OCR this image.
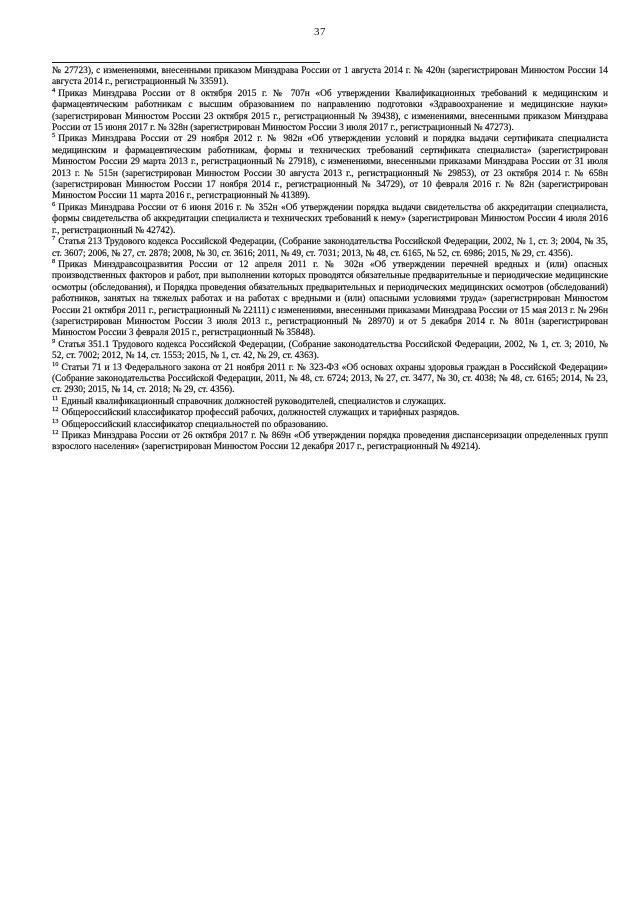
37

№ 27723), с изменениями, внесенными приказом Минздрава России от 1 августа 2014 г. № 420н (зарегистрирован Минюстом России 14 августа 2014 г., регистрационный № 33591).

$^4$ Приказ Минздрава России от 8 октября 2015 г. № 707н «Об утверждении Квалификационных требований к медицинским и фармацевтическим работникам с высшим образованием по направлению подготовки «Здравоохранение и медицинские науки» (зарегистрирован Минюстом России 23 октября 2015 г., регистрационный № 39438), с изменениями, внесенными приказом Минздрава России от 15 июня 2017 г. № 328н (зарегистрирован Минюстом России 3 июля 2017 г., регистрационный № 47273).

$^5$ Приказ Минздрава России от 29 ноября 2012 г. № 982н «Об утверждении условий и порядка выдачи сертификата специалиста медицинским и фармацевтическим работникам, формы и технических требований сертификата специалиста» (зарегистрирован Минюстом России 29 марта 2013 г., регистрационный № 27918), с изменениями, внесенными приказами Минздрава России от 31 июля 2013 г. № 515н (зарегистрирован Минюстом России 30 августа 2013 г., регистрационный № 29853), от 23 октября 2014 г. № 658н (зарегистрирован Минюстом России 17 ноября 2014 г., регистрационный № 34729), от 10 февраля 2016 г. № 82н (зарегистрирован Минюстом России 11 марта 2016 г., регистрационный № 41389).

$^6$ Приказ Минздрава России от 6 июня 2016 г. № 352н «Об утверждении порядка выдачи свидетельства об аккредитации специалиста, формы свидетельства об аккредитации специалиста и технических требований к нему» (зарегистрирован Минюстом России 4 июля 2016 г., регистрационный № 42742).

$^7$ Статья 213 Трудового кодекса Российской Федерации, (Собрание законодательства Российской Федерации, 2002, № 1, ст. 3; 2004, № 35, ст. 3607; 2006, № 27, ст. 2878; 2008, № 30, ст. 3616; 2011, № 49, ст. 7031; 2013, № 48, ст. 6165, № 52, ст. 6986; 2015, № 29, ст. 4356).

$^8$ Приказ Минздравсоцразвития России от 12 апреля 2011 г. № 302н «Об утверждении перечней вредных и (или) опасных производственных факторов и работ, при выполнении которых проводятся обязательные предварительные и периодические медицинские осмотры (обследования), и Порядка проведения обязательных предварительных и периодических медицинских осмотров (обследований) работников, занятых на тяжелых работах и на работах с вредными и (или) опасными условиями труда» (зарегистрирован Минюстом России 21 октября 2011 г., регистрационный № 22111) с изменениями, внесенными приказами Минздрава России от 15 мая 2013 г. № 296н (зарегистрирован Минюстом России 3 июля 2013 г., регистрационный № 28970) и от 5 декабря 2014 г. № 801н (зарегистрирован Минюстом России 3 февраля 2015 г., регистрационный № 35848).

$^9$ Статья 351.1 Трудового кодекса Российской Федерации, (Собрание законодательства Российской Федерации, 2002, № 1, ст. 3; 2010, № 52, ст. 7002; 2012, № 14, ст. 1553; 2015, № 1, ст. 42, № 29, ст. 4363).

$^{10}$ Статьи 71 и 13 Федерального закона от 21 ноября 2011 г. № 323-ФЗ «Об основах охраны здоровья граждан в Российской Федерации» (Собрание законодательства Российской Федерации, 2011, № 48, ст. 6724; 2013, № 27, ст. 3477, № 30, ст. 4038; № 48, ст. 6165; 2014, № 23, ст. 2930; 2015, № 14, ст. 2018; № 29, ст. 4356).

$^{11}$ Единый квалификационный справочник должностей руководителей, специалистов и служащих.

$^{12}$ Общероссийский классификатор профессий рабочих, должностей служащих и тарифных разрядов.

$^{13}$ Общероссийский классификатор специальностей по образованию.

$^{12}$ Приказ Минздрава России от 26 октября 2017 г. № 869н «Об утверждении порядка проведения диспансеризации определенных групп взрослого населения» (зарегистрирован Минюстом России 12 декабря 2017 г., регистрационный № 49214).
